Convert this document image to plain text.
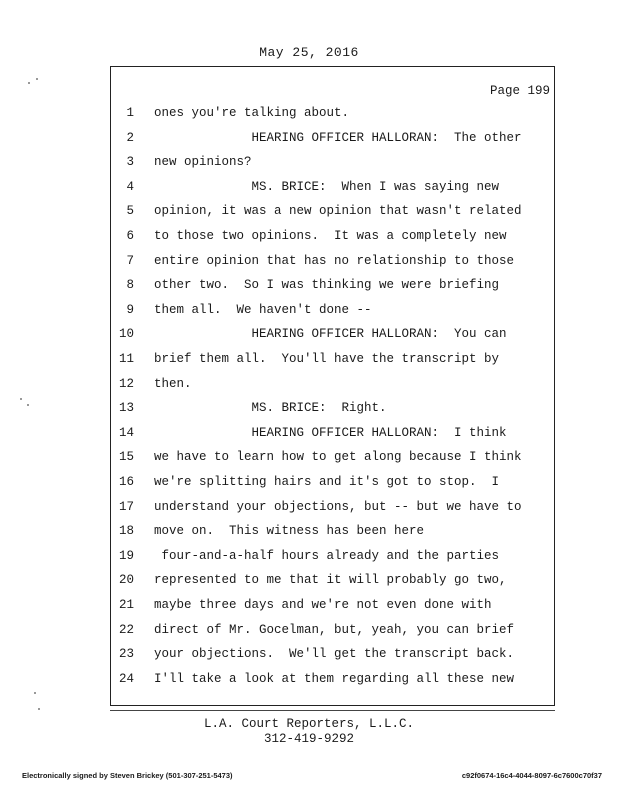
May 25, 2016
Page 199
1 ones you're talking about.
2 HEARING OFFICER HALLORAN:  The other
3 new opinions?
4 MS. BRICE:  When I was saying new
5 opinion, it was a new opinion that wasn't related
6 to those two opinions.  It was a completely new
7 entire opinion that has no relationship to those
8 other two.  So I was thinking we were briefing
9 them all.  We haven't done --
10 HEARING OFFICER HALLORAN:  You can
11 brief them all.  You'll have the transcript by
12 then.
13 MS. BRICE:  Right.
14 HEARING OFFICER HALLORAN:  I think
15 we have to learn how to get along because I think
16 we're splitting hairs and it's got to stop.  I
17 understand your objections, but -- but we have to
18 move on.  This witness has been here
19 four-and-a-half hours already and the parties
20 represented to me that it will probably go two,
21 maybe three days and we're not even done with
22 direct of Mr. Gocelman, but, yeah, you can brief
23 your objections.  We'll get the transcript back.
24 I'll take a look at them regarding all these new
L.A. Court Reporters, L.L.C.
312-419-9292
Electronically signed by Steven Brickey (501-307-251-5473)	c92f0674-16c4-4044-8097-6c7600c70f37
